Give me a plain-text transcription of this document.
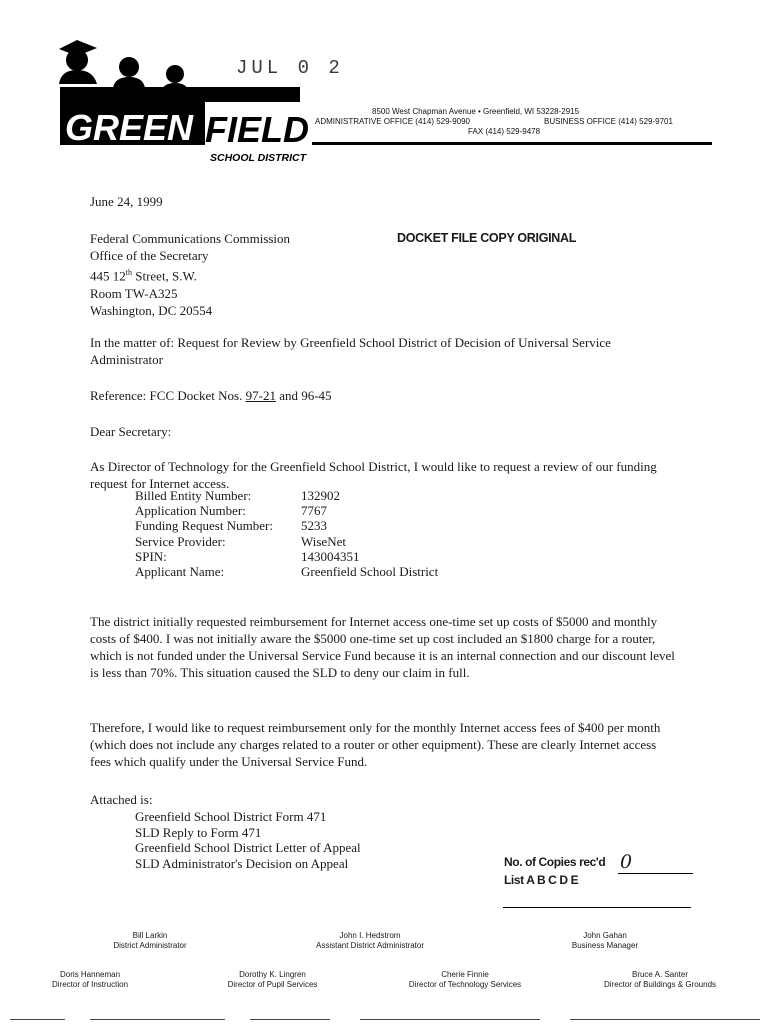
GREEN FIELD
SCHOOL DISTRICT
JUL 0 2
8500 West Chapman Avenue • Greenfield, WI 53228-2915
ADMINISTRATIVE OFFICE (414) 529-9090	BUSINESS OFFICE (414) 529-9701
FAX (414) 529-9478
June 24, 1999
DOCKET FILE COPY ORIGINAL
Federal Communications Commission
Office of the Secretary
445 12th Street, S.W.
Room TW-A325
Washington, DC 20554
In the matter of: Request for Review by Greenfield School District of Decision of Universal Service Administrator
Reference: FCC Docket Nos. 97-21 and 96-45
Dear Secretary:
As Director of Technology for the Greenfield School District, I would like to request a review of our funding request for Internet access.
Billed Entity Number:	132902
Application Number:	7767
Funding Request Number:	5233
Service Provider:	WiseNet
SPIN:	143004351
Applicant Name:	Greenfield School District
The district initially requested reimbursement for Internet access one-time set up costs of $5000 and monthly costs of $400. I was not initially aware the $5000 one-time set up cost included an $1800 charge for a router, which is not funded under the Universal Service Fund because it is an internal connection and our discount level is less than 70%. This situation caused the SLD to deny our claim in full.
Therefore, I would like to request reimbursement only for the monthly Internet access fees of $400 per month (which does not include any charges related to a router or other equipment). These are clearly Internet access fees which qualify under the Universal Service Fund.
Attached is:
Greenfield School District Form 471
SLD Reply to Form 471
Greenfield School District Letter of Appeal
SLD Administrator's Decision on Appeal	No. of Copies rec'd 0
List A B C D E
Bill Larkin
District Administrator
John I. Hedstrom
Assistant District Administrator
John Gahan
Business Manager
Doris Hanneman
Director of Instruction
Dorothy K. Lingren
Director of Pupil Services
Cherie Finnie
Director of Technology Services
Bruce A. Santer
Director of Buildings & Grounds
